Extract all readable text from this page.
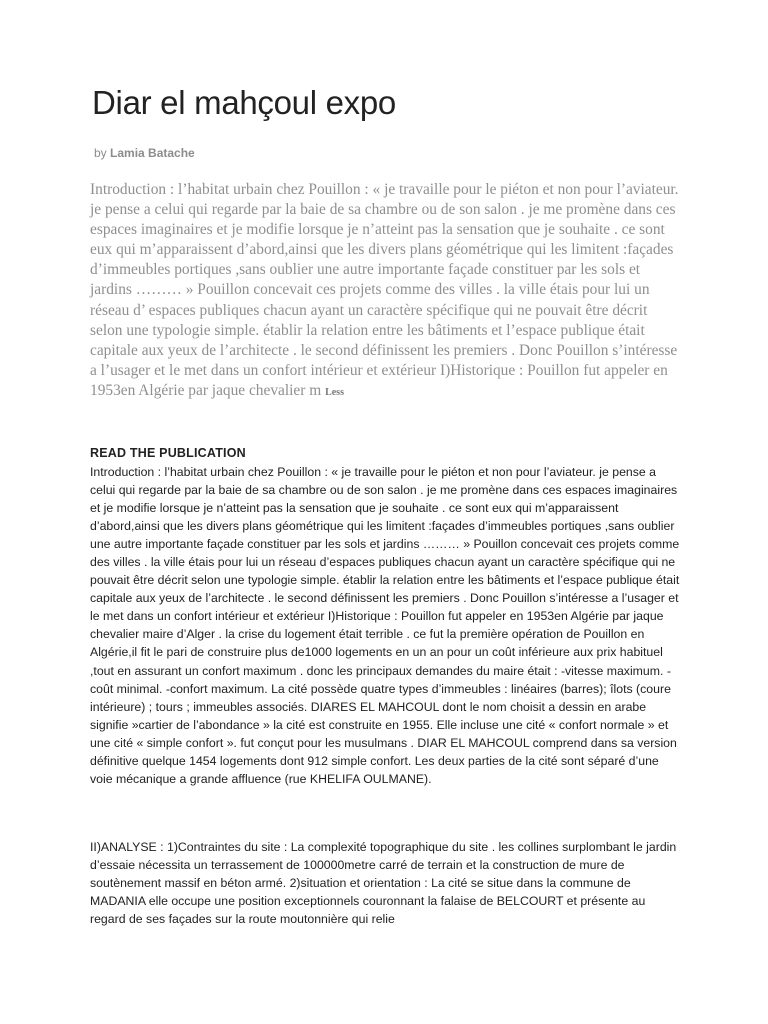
Diar el mahçoul expo
by Lamia Batache

Introduction : l’habitat urbain chez Pouillon : « je travaille pour le piéton et non pour l’aviateur. je pense a celui qui regarde par la baie de sa chambre ou de son salon . je me promène dans ces espaces imaginaires et je modifie lorsque je n’atteint pas la sensation que je souhaite . ce sont eux qui m’apparaissent d’abord,ainsi que les divers plans géométrique qui les limitent :façades d’immeubles portiques ,sans oublier une autre importante façade constituer par les sols et jardins ……… » Pouillon concevait ces projets comme des villes . la ville étais pour lui un réseau d’ espaces publiques chacun ayant un caractère spécifique qui ne pouvait être décrit selon une typologie simple. établir la relation entre les bâtiments et l’espace publique était capitale aux yeux de l’architecte . le second définissent les premiers . Donc Pouillon s’intéresse a l’usager et le met dans un confort intérieur et extérieur I)Historique : Pouillon fut appeler en 1953en Algérie par jaque chevalier m Less

READ THE PUBLICATION

Introduction : l’habitat urbain chez Pouillon : « je travaille pour le piéton et non pour l’aviateur. je pense a celui qui regarde par la baie de sa chambre ou de son salon . je me promène dans ces espaces imaginaires et je modifie lorsque je n’atteint pas la sensation que je souhaite . ce sont eux qui m’apparaissent d’abord,ainsi que les divers plans géométrique qui les limitent :façades d’immeubles portiques ,sans oublier une autre importante façade constituer par les sols et jardins ……… » Pouillon concevait ces projets comme des villes . la ville étais pour lui un réseau d’espaces publiques chacun ayant un caractère spécifique qui ne pouvait être décrit selon une typologie simple. établir la relation entre les bâtiments et l’espace publique était capitale aux yeux de l’architecte . le second définissent les premiers . Donc Pouillon s’intéresse a l’usager et le met dans un confort intérieur et extérieur I)Historique : Pouillon fut appeler en 1953en Algérie par jaque chevalier maire d’Alger . la crise du logement était terrible . ce fut la première opération de Pouillon en Algérie,il fit le pari de construire plus de1000 logements en un an pour un coût inférieure aux prix habituel ,tout en assurant un confort maximum . donc les principaux demandes du maire était : -vitesse maximum. - coût minimal. -confort maximum. La cité possède quatre types d’immeubles : linéaires (barres); îlots (coure intérieure) ; tours ; immeubles associés. DIARES EL MAHCOUL dont le nom choisit a dessin en arabe signifie »cartier de l’abondance » la cité est construite en 1955. Elle incluse une cité « confort normale » et une cité « simple confort ». fut conçut pour les musulmans . DIAR EL MAHCOUL comprend dans sa version définitive quelque 1454 logements dont 912 simple confort. Les deux parties de la cité sont séparé d’une voie mécanique a grande affluence (rue KHELIFA OULMANE).

II)ANALYSE : 1)Contraintes du site : La complexité topographique du site . les collines surplombant le jardin d’essaie nécessita un terrassement de 100000metre carré de terrain et la construction de mure de soutènement massif en béton armé. 2)situation et orientation : La cité se situe dans la commune de MADANIA elle occupe une position exceptionnels couronnant la falaise de BELCOURT et présente au regard de ses façades sur la route moutonnière qui relie
